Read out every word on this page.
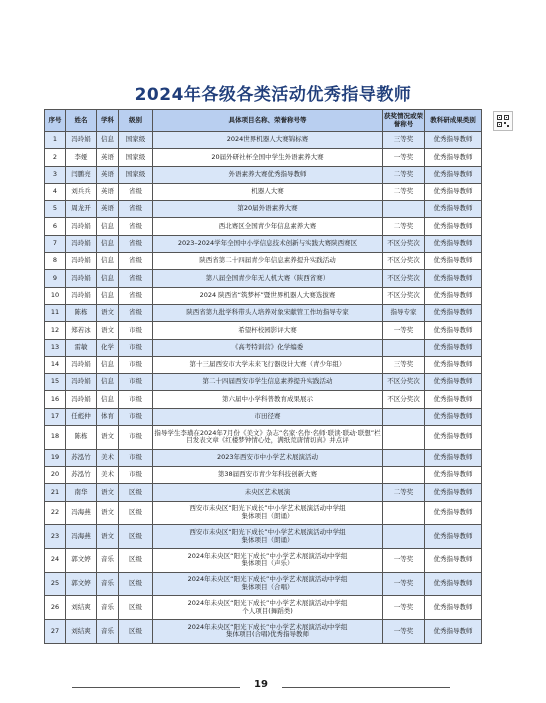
2024年各级各类活动优秀指导教师
序号	姓名	学科	级别	具体项目名称、荣誉称号等	获奖情况或荣誉称号	教科研成果类别
1	冯玲娟	信息	国家级	2024世界机器人大赛锦标赛	三等奖	优秀指导教师
2	李娅	英语	国家级	20届外研社杯全国中学生外语素养大赛	一等奖	优秀指导教师
3	闫鹏亮	英语	国家级	外语素养大赛优秀指导教师	二等奖	优秀指导教师
4	刘兵兵	英语	省级	机器人大赛	二等奖	优秀指导教师
5	周龙开	英语	省级	第20届外语素养大赛		优秀指导教师
6	冯玲娟	信息	省级	西北赛区全国青少年信息素养大赛	二等奖	优秀指导教师
7	冯玲娟	信息	省级	2023–2024学年全国中小学信息技术创新与实践大赛陕西赛区	不区分奖次	优秀指导教师
8	冯玲娟	信息	省级	陕西省第二十四届青少年信息素养提升实践活动	不区分奖次	优秀指导教师
9	冯玲娟	信息	省级	第八届全国青少年无人机大赛（陕西省赛）	不区分奖次	优秀指导教师
10	冯玲娟	信息	省级	2024 陕西省“筑梦杯”暨世界机器人大赛选拔赛	不区分奖次	优秀指导教师
11	陈栋	语文	省级	陕西省第九批学科带头人培养对象宋献管工作坊指导专家	指导专家	优秀指导教师
12	郑若冰	语文	市级	希望杯校园影评大赛	一等奖	优秀指导教师
13	雷敏	化学	市级	《高考特训营》化学编委		优秀指导教师
14	冯玲娟	信息	市级	第十三届西安市大学未来飞行器设计大赛（青少年组）	三等奖	优秀指导教师
15	冯玲娟	信息	市级	第二十四届西安市学生信息素养提升实践活动	不区分奖次	优秀指导教师
16	冯玲娟	信息	市级	第六届中小学科普教育成果展示	不区分奖次	优秀指导教师
17	任彪仲	体育	市级	市田径赛		优秀指导教师
18	陈栋	语文	市级	指导学生李璜在2024年7月份《美文》杂志“名家·名作·名师·联读·联动·联想”栏目发表文章《红楼梦钟情心处，满纸荒唐情切真》并点评		优秀指导教师
19	苏泓竹	美术	市级	2023年西安市中小学艺术展演活动		优秀指导教师
20	苏泓竹	美术	市级	第38届西安市青少年科技创新大赛		优秀指导教师
21	南华	语文	区级	未央区艺术展演	二等奖	优秀指导教师
22	冯海燕	语文	区级	西安市未央区“阳光下成长”中小学艺术展演活动中学组
集体项目（朗诵）		优秀指导教师
23	冯海燕	语文	区级	西安市未央区“阳光下成长”中小学艺术展演活动中学组
集体项目（朗诵）		优秀指导教师
24	郭文婷	音乐	区级	2024年未央区“阳光下成长”中小学艺术展演活动中学组
集体项目（声乐）	一等奖	优秀指导教师
25	郭文婷	音乐	区级	2024年未央区“阳光下成长”中小学艺术展演活动中学组
集体项目（合唱）	一等奖	优秀指导教师
26	刘结爽	音乐	区级	2024年未央区“阳光下成长”中小学艺术展演活动中学组
个人项目(舞蹈类)	一等奖	优秀指导教师
27	刘结爽	音乐	区级	2024年未央区“阳光下成长”中小学艺术展演活动中学组
集体项目(合唱)优秀指导教师	一等奖	优秀指导教师
19
